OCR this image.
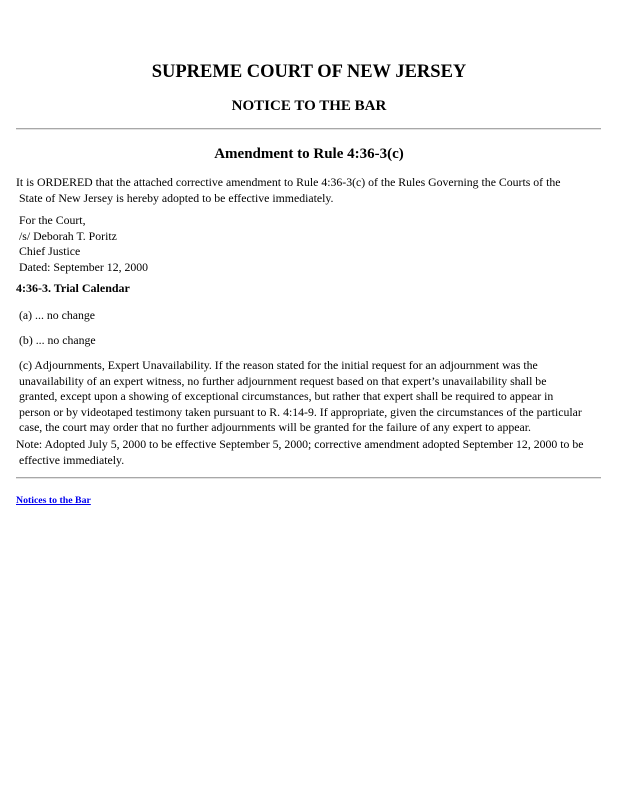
SUPREME COURT OF NEW JERSEY
NOTICE TO THE BAR
Amendment to Rule 4:36-3(c)

It is ORDERED that the attached corrective amendment to Rule 4:36-3(c) of the Rules Governing the Courts of the
State of New Jersey is hereby adopted to be effective immediately.

For the Court,
/s/ Deborah T. Poritz
Chief Justice
Dated: September 12, 2000

4:36-3. Trial Calendar

(a) ... no change

(b) ... no change

(c) Adjournments, Expert Unavailability. If the reason stated for the initial request for an adjournment was the
unavailability of an expert witness, no further adjournment request based on that expert’s unavailability shall be
granted, except upon a showing of exceptional circumstances, but rather that expert shall be required to appear in
person or by videotaped testimony taken pursuant to R. 4:14-9. If appropriate, given the circumstances of the particular
case, the court may order that no further adjournments will be granted for the failure of any expert to appear.

Note: Adopted July 5, 2000 to be effective September 5, 2000; corrective amendment adopted September 12, 2000 to be
effective immediately.

Notices to the Bar
